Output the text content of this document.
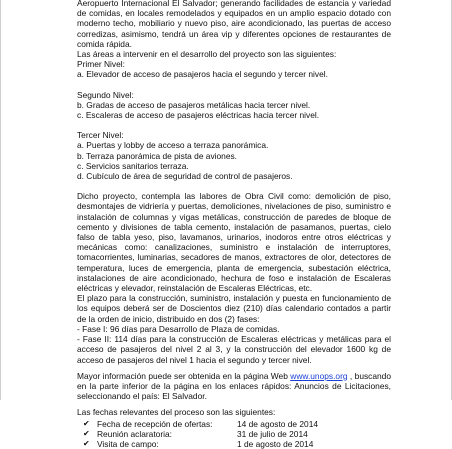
Aeropuerto Internacional El Salvador; generando facilidades de estancia y variedad de comidas, en locales remodelados y equipados en un amplio espacio dotado con moderno techo, mobiliario y nuevo piso, aire acondicionado, las puertas de acceso corredizas, asimismo, tendrá un área vip y diferentes opciones de restaurantes de comida rápida.

Las áreas a intervenir en el desarrollo del proyecto son las siguientes:

Primer Nivel:

a. Elevador de acceso de pasajeros hacia el segundo y tercer nivel.

Segundo Nivel:

b. Gradas de acceso de pasajeros metálicas hacia tercer nivel.

c. Escaleras de acceso de pasajeros eléctricas hacia tercer nivel.

Tercer Nivel:

a. Puertas y lobby de acceso a terraza panorámica.

b. Terraza panorámica de pista de aviones.

c. Servicios sanitarios terraza.

d. Cubículo de área de seguridad de control de pasajeros.

Dicho proyecto, contempla las labores de Obra Civil como: demolición de piso, desmontajes de vidriería y puertas, demoliciones, nivelaciones de piso, suministro e instalación de columnas y vigas metálicas, construcción de paredes de bloque de cemento y divisiones de tabla cemento, instalación de pasamanos, puertas, cielo falso de tabla yeso, piso, lavamanos, urinarios, inodoros entre otros eléctricas y mecánicas como: canalizaciones, suministro e instalación de interruptores, tomacorrientes, luminarias, secadores de manos, extractores de olor, detectores de temperatura, luces de emergencia, planta de emergencia, subestación eléctrica, instalaciones de aire acondicionado, hechura de foso e instalación de Escaleras eléctricas y elevador, reinstalación de Escaleras Eléctricas, etc.

El plazo para la construcción, suministro, instalación y puesta en funcionamiento de los equipos deberá ser de Doscientos diez (210) días calendario contados a partir de la orden de inicio, distribuido en dos (2) fases:

- Fase I: 96 días para Desarrollo de Plaza de comidas.

- Fase II: 114 días para la construcción de Escaleras eléctricas y metálicas para el acceso de pasajeros del nivel 2 al 3, y la construcción del elevador 1600 kg de acceso de pasajeros del nivel 1 hacia el segundo y tercer nivel.

Mayor información puede ser obtenida en la página Web www.unops.org , buscando en la parte inferior de la página en los enlaces rápidos: Anuncios de Licitaciones, seleccionando el país: El Salvador.

Las fechas relevantes del proceso son las siguientes:

✔ Fecha de recepción de ofertas:	14 de agosto de 2014
✔ Reunión aclaratoria:	31 de julio de 2014
✔ Visita de campo:	1 de agosto de 2014
